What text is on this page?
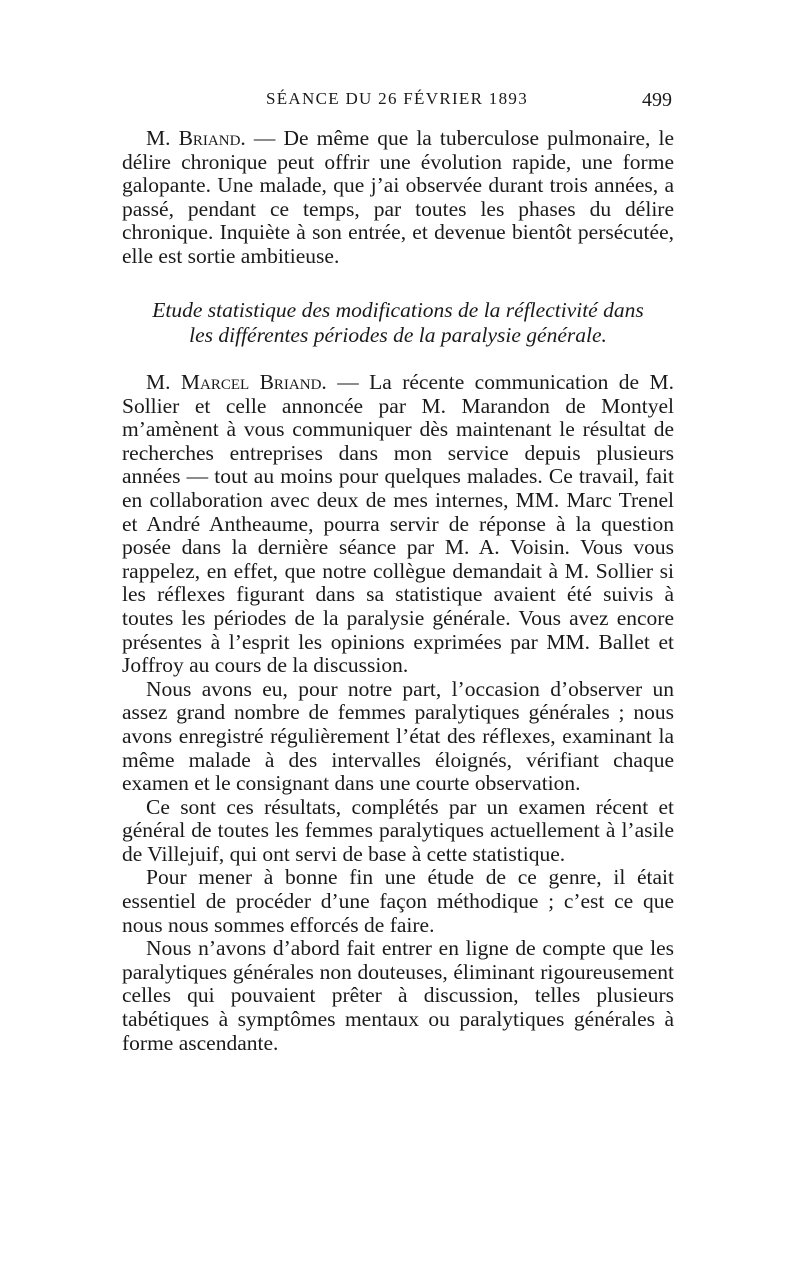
SÉANCE DU 26 FÉVRIER 1893	499

M. Briand. — De même que la tuberculose pulmonaire, le délire chronique peut offrir une évolution rapide, une forme galopante. Une malade, que j’ai observée durant trois années, a passé, pendant ce temps, par toutes les phases du délire chronique. Inquiète à son entrée, et devenue bientôt persécutée, elle est sortie ambitieuse.

Etude statistique des modifications de la réflectivité dans
les différentes périodes de la paralysie générale.

M. Marcel Briand. — La récente communication de M. Sollier et celle annoncée par M. Marandon de Montyel m’amènent à vous communiquer dès maintenant le résultat de recherches entreprises dans mon service depuis plusieurs années — tout au moins pour quelques malades. Ce travail, fait en collaboration avec deux de mes internes, MM. Marc Trenel et André Antheaume, pourra servir de réponse à la question posée dans la dernière séance par M. A. Voisin. Vous vous rappelez, en effet, que notre collègue demandait à M. Sollier si les réflexes figurant dans sa statistique avaient été suivis à toutes les périodes de la paralysie générale. Vous avez encore présentes à l’esprit les opinions exprimées par MM. Ballet et Joffroy au cours de la discussion.

Nous avons eu, pour notre part, l’occasion d’observer un assez grand nombre de femmes paralytiques générales ; nous avons enregistré régulièrement l’état des réflexes, examinant la même malade à des intervalles éloignés, vérifiant chaque examen et le consignant dans une courte observation.

Ce sont ces résultats, complétés par un examen récent et général de toutes les femmes paralytiques actuellement à l’asile de Villejuif, qui ont servi de base à cette statistique.

Pour mener à bonne fin une étude de ce genre, il était essentiel de procéder d’une façon méthodique ; c’est ce que nous nous sommes efforcés de faire.

Nous n’avons d’abord fait entrer en ligne de compte que les paralytiques générales non douteuses, éliminant rigoureusement celles qui pouvaient prêter à discussion, telles plusieurs tabétiques à symptômes mentaux ou paralytiques générales à forme ascendante.
